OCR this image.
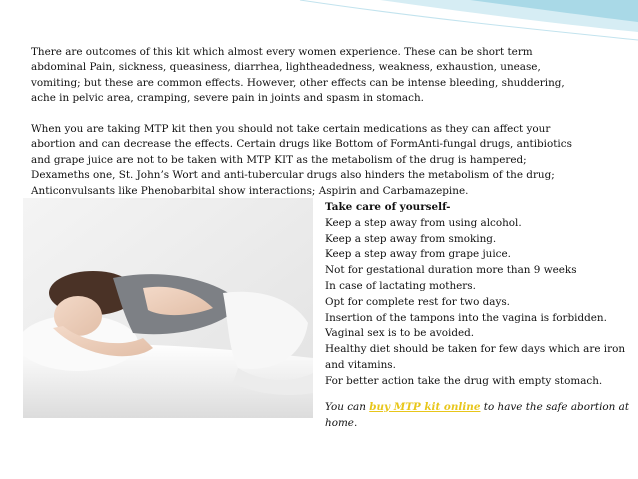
There are outcomes of this kit which almost every women experience. These can be short term
abdominal Pain, sickness, queasiness, diarrhea, lightheadedness, weakness, exhaustion, unease,
vomiting; but these are common effects. However, other effects can be intense bleeding, shuddering,
ache in pelvic area, cramping, severe pain in joints and spasm in stomach.

When you are taking MTP kit then you should not take certain medications as they can affect your
abortion and can decrease the effects. Certain drugs like Bottom of FormAnti-fungal drugs, antibiotics
and grape juice are not to be taken with MTP KIT as the metabolism of the drug is hampered;
Dexameths one, St. John’s Wort and anti-tubercular drugs also hinders the metabolism of the drug;
Anticonvulsants like Phenobarbital show interactions; Aspirin and Carbamazepine.

Take care of yourself-
Keep a step away from using alcohol.
Keep a step away from smoking.
Keep a step away from grape juice.
Not for gestational duration more than 9 weeks
In case of lactating mothers.
Opt for complete rest for two days.
Insertion of the tampons into the vagina is forbidden.
Vaginal sex is to be avoided.
Healthy diet should be taken for few days which are iron
and vitamins.
For better action take the drug with empty stomach.
You can buy MTP kit online to have the safe abortion at
home.
